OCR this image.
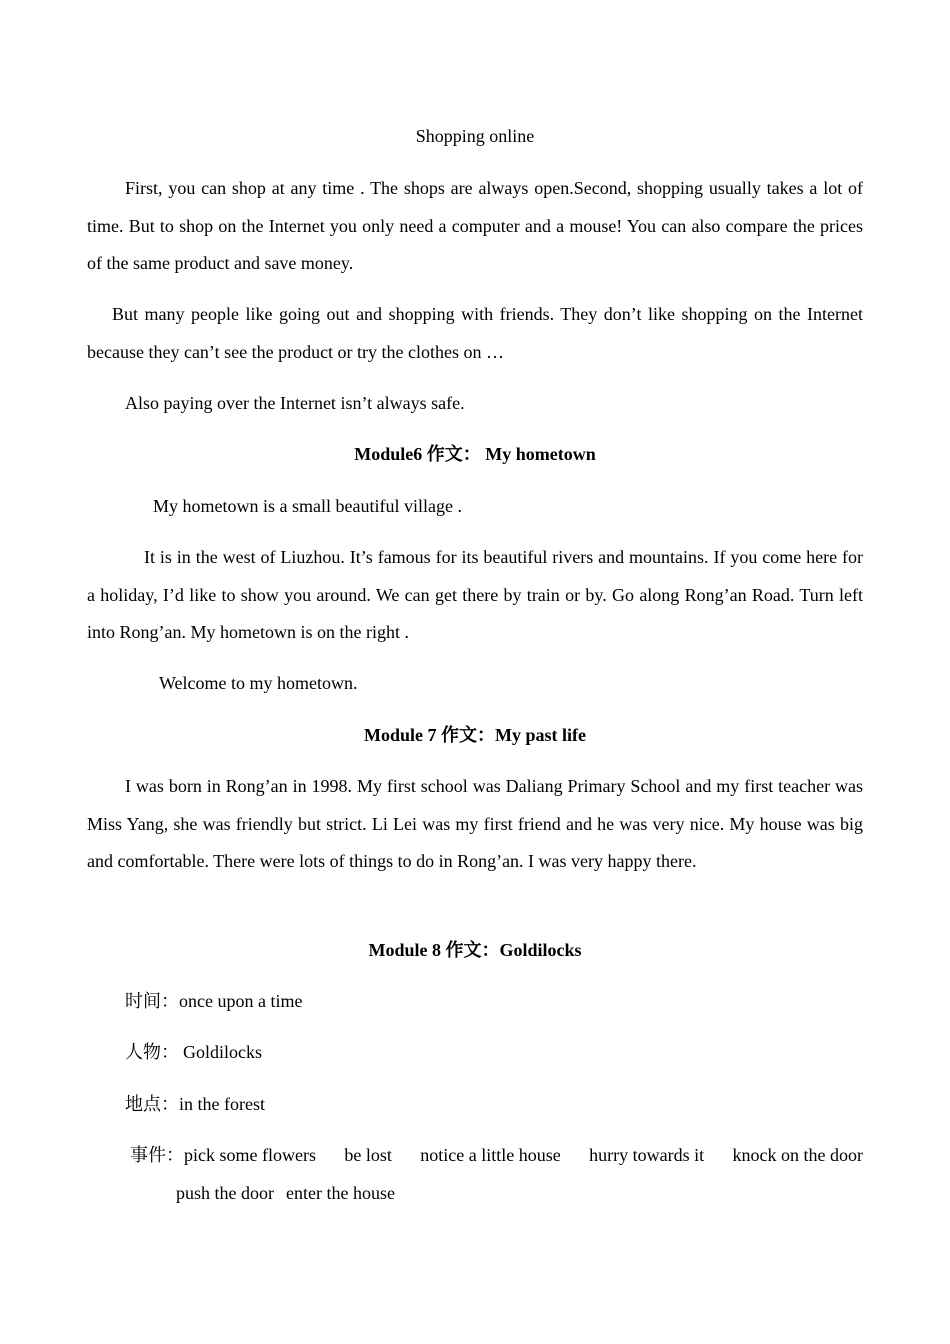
Shopping online

First, you can shop at any time . The shops are always open.Second, shopping usually takes a lot of time. But to shop on the Internet you only need a computer and a mouse! You can also compare the prices of the same product and save money.

But many people like going out and shopping with friends. They don’t like shopping on the Internet because they can’t see the product or try the clothes on …

Also paying over the Internet isn’t always safe.

Module6 作文： My hometown

My hometown is a small beautiful village .

It is in the west of Liuzhou. It’s famous for its beautiful rivers and mountains. If you come here for a holiday, I’d like to show you around. We can get there by train or by. Go along Rong’an Road. Turn left into Rong’an. My hometown is on the right .

Welcome to my hometown.

Module 7 作文：My past life

I was born in Rong’an in 1998. My first school was Daliang Primary School and my first teacher was Miss Yang, she was friendly but strict. Li Lei was my first friend and he was very nice. My house was big and comfortable. There were lots of things to do in Rong’an. I was very happy there.

Module 8 作文：Goldilocks

时间：once upon a time

人物： Goldilocks

地点：in the forest

事件：pick some flowers be lost notice a little house hurry towards it knock on the door
push the door enter the house
